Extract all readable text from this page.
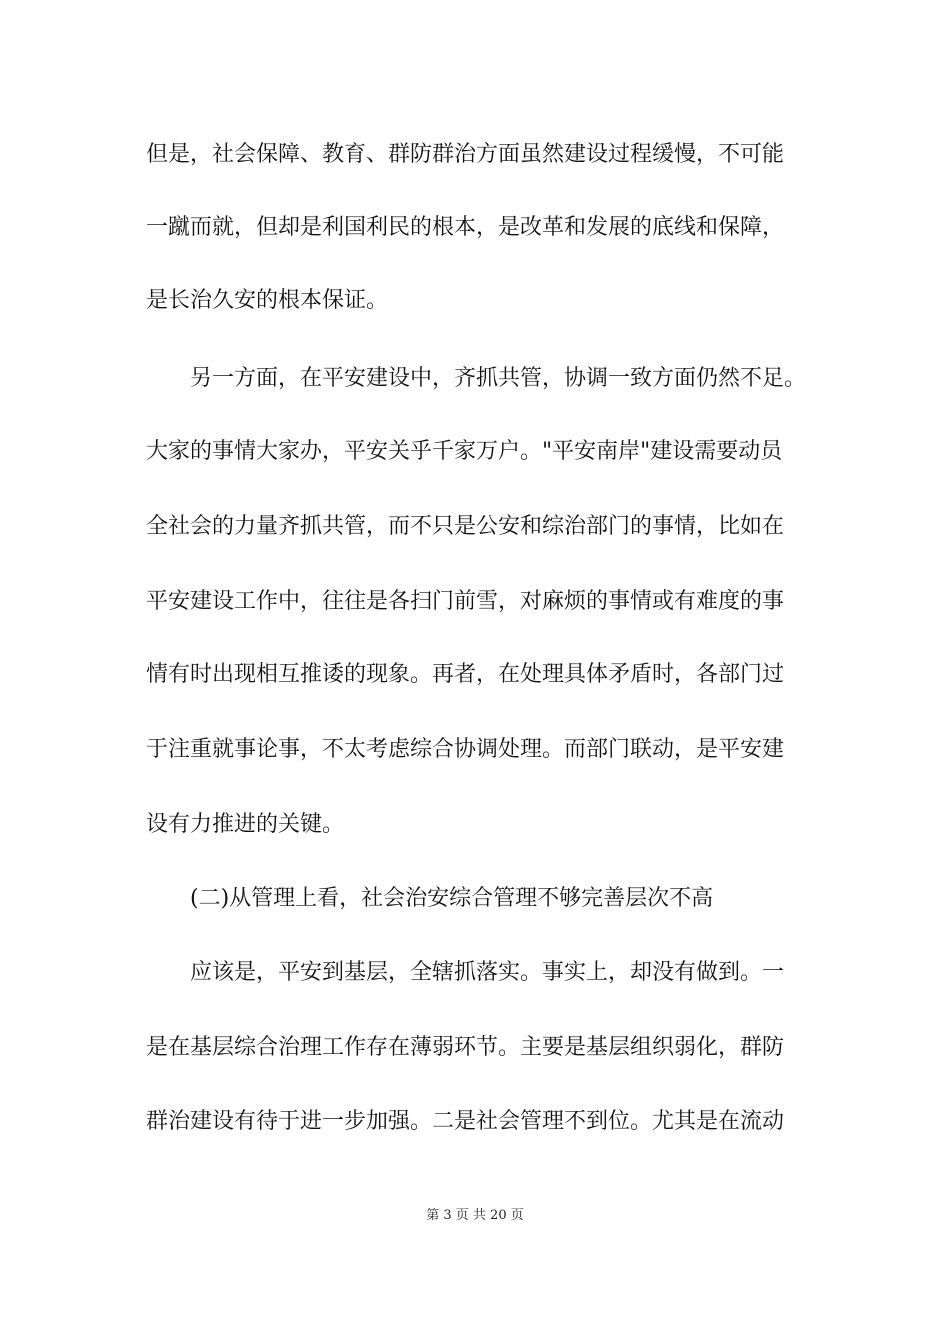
但是，社会保障、教育、群防群治方面虽然建设过程缓慢，不可能
一蹴而就，但却是利国利民的根本，是改革和发展的底线和保障，
是长治久安的根本保证。
另一方面，在平安建设中，齐抓共管，协调一致方面仍然不足。
大家的事情大家办，平安关乎千家万户。"平安南岸"建设需要动员
全社会的力量齐抓共管，而不只是公安和综治部门的事情，比如在
平安建设工作中，往往是各扫门前雪，对麻烦的事情或有难度的事
情有时出现相互推诿的现象。再者，在处理具体矛盾时，各部门过
于注重就事论事，不太考虑综合协调处理。而部门联动，是平安建
设有力推进的关键。
(二)从管理上看，社会治安综合管理不够完善层次不高
应该是，平安到基层，全辖抓落实。事实上，却没有做到。一
是在基层综合治理工作存在薄弱环节。主要是基层组织弱化，群防
群治建设有待于进一步加强。二是社会管理不到位。尤其是在流动
第 3 页 共 20 页
